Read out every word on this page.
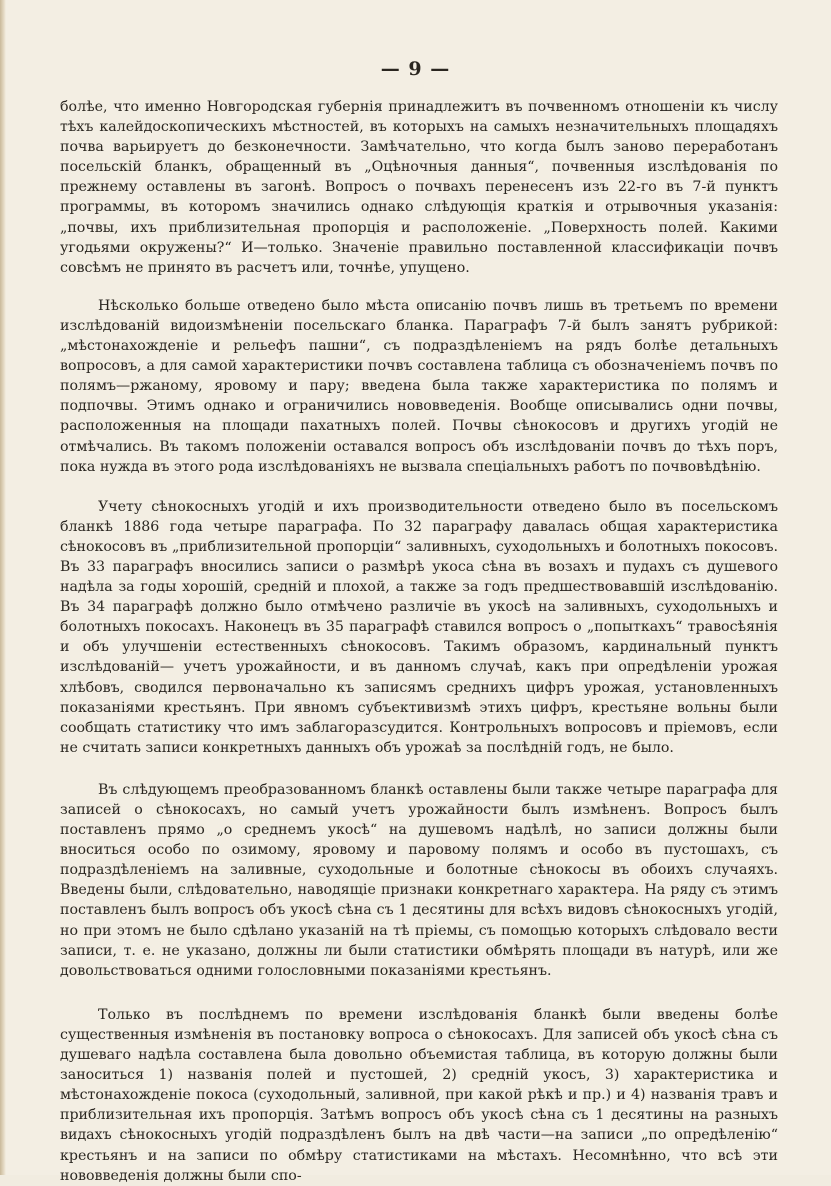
— 9 —

болѣе, что именно Новгородская губернія принадлежитъ въ почвенномъ отношеніи къ числу тѣхъ калейдоскопическихъ мѣстностей, въ которыхъ на самыхъ незначительныхъ площадяхъ почва варьируетъ до безконечности. Замѣчательно, что когда былъ заново переработанъ посельскій бланкъ, обращенный въ „Оцѣночныя данныя“, почвенныя изслѣдованія по прежнему оставлены въ загонѣ. Вопросъ о почвахъ перенесенъ изъ 22-го въ 7-й пунктъ программы, въ которомъ значились однако слѣдующія краткія и отрывочныя указанія: „почвы, ихъ приблизительная пропорція и расположеніе. „Поверхность полей. Какими угодьями окружены?“ И—только. Значеніе правильно поставленной классификаціи почвъ совсѣмъ не принято въ расчетъ или, точнѣе, упущено.

Нѣсколько больше отведено было мѣста описанію почвъ лишь въ третьемъ по времени изслѣдованій видоизмѣненіи посельскаго бланка. Параграфъ 7-й былъ занятъ рубрикой: „мѣстонахожденіе и рельефъ пашни“, съ подраздѣленіемъ на рядъ болѣе детальныхъ вопросовъ, а для самой характеристики почвъ составлена таблица съ обозначеніемъ почвъ по полямъ—ржаному, яровому и пару; введена была также характеристика по полямъ и подпочвы. Этимъ однако и ограничились нововведенія. Вообще описывались одни почвы, расположенныя на площади пахатныхъ полей. Почвы сѣнокосовъ и другихъ угодій не отмѣчались. Въ такомъ положеніи оставался вопросъ объ изслѣдованіи почвъ до тѣхъ поръ, пока нужда въ этого рода изслѣдованіяхъ не вызвала спеціальныхъ работъ по почвовѣдѣнію.

Учету сѣнокосныхъ угодій и ихъ производительности отведено было въ посельскомъ бланкѣ 1886 года четыре параграфа. По 32 параграфу давалась общая характеристика сѣнокосовъ въ „приблизительной пропорціи“ заливныхъ, суходольныхъ и болотныхъ покосовъ. Въ 33 параграфъ вносились записи о размѣрѣ укоса сѣна въ возахъ и пудахъ съ душевого надѣла за годы хорошій, средній и плохой, а также за годъ предшествовавшій изслѣдованію. Въ 34 параграфѣ должно было отмѣчено различіе въ укосѣ на заливныхъ, суходольныхъ и болотныхъ покосахъ. Наконецъ въ 35 параграфѣ ставился вопросъ о „попыткахъ“ травосѣянія и объ улучшеніи естественныхъ сѣнокосовъ. Такимъ образомъ, кардинальный пунктъ изслѣдованій— учетъ урожайности, и въ данномъ случаѣ, какъ при опредѣленіи урожая хлѣбовъ, сводился первоначально къ записямъ среднихъ цифръ урожая, установленныхъ показаніями крестьянъ. При явномъ субъективизмѣ этихъ цифръ, крестьяне вольны были сообщать статистику что имъ заблагоразсудится. Контрольныхъ вопросовъ и пріемовъ, если не считать записи конкретныхъ данныхъ объ урожаѣ за послѣдній годъ, не было.

Въ слѣдующемъ преобразованномъ бланкѣ оставлены были также четыре параграфа для записей о сѣнокосахъ, но самый учетъ урожайности былъ измѣненъ. Вопросъ былъ поставленъ прямо „о среднемъ укосѣ“ на душевомъ надѣлѣ, но записи должны были вноситься особо по озимому, яровому и паровому полямъ и особо въ пустошахъ, съ подраздѣленіемъ на заливные, суходольные и болотные сѣнокосы въ обоихъ случаяхъ. Введены были, слѣдовательно, наводящіе признаки конкретнаго характера. На ряду съ этимъ поставленъ былъ вопросъ объ укосѣ сѣна съ 1 десятины для всѣхъ видовъ сѣнокосныхъ угодій, но при этомъ не было сдѣлано указаній на тѣ пріемы, съ помощью которыхъ слѣдовало вести записи, т. е. не указано, должны ли были статистики обмѣрять площади въ натурѣ, или же довольствоваться одними голословными показаніями крестьянъ.

Только въ послѣднемъ по времени изслѣдованія бланкѣ были введены болѣе существенныя измѣненія въ постановку вопроса о сѣнокосахъ. Для записей объ укосѣ сѣна съ душеваго надѣла составлена была довольно объемистая таблица, въ которую должны были заноситься 1) названія полей и пустошей, 2) средній укосъ, 3) характеристика и мѣстонахожденіе покоса (суходольный, заливной, при какой рѣкѣ и пр.) и 4) названія травъ и приблизительная ихъ пропорція. Затѣмъ вопросъ объ укосѣ сѣна съ 1 десятины на разныхъ видахъ сѣнокосныхъ угодій подраздѣленъ былъ на двѣ части—на записи „по опредѣленію“ крестьянъ и на записи по обмѣру статистиками на мѣстахъ. Несомнѣнно, что всѣ эти нововведенія должны были спо-
